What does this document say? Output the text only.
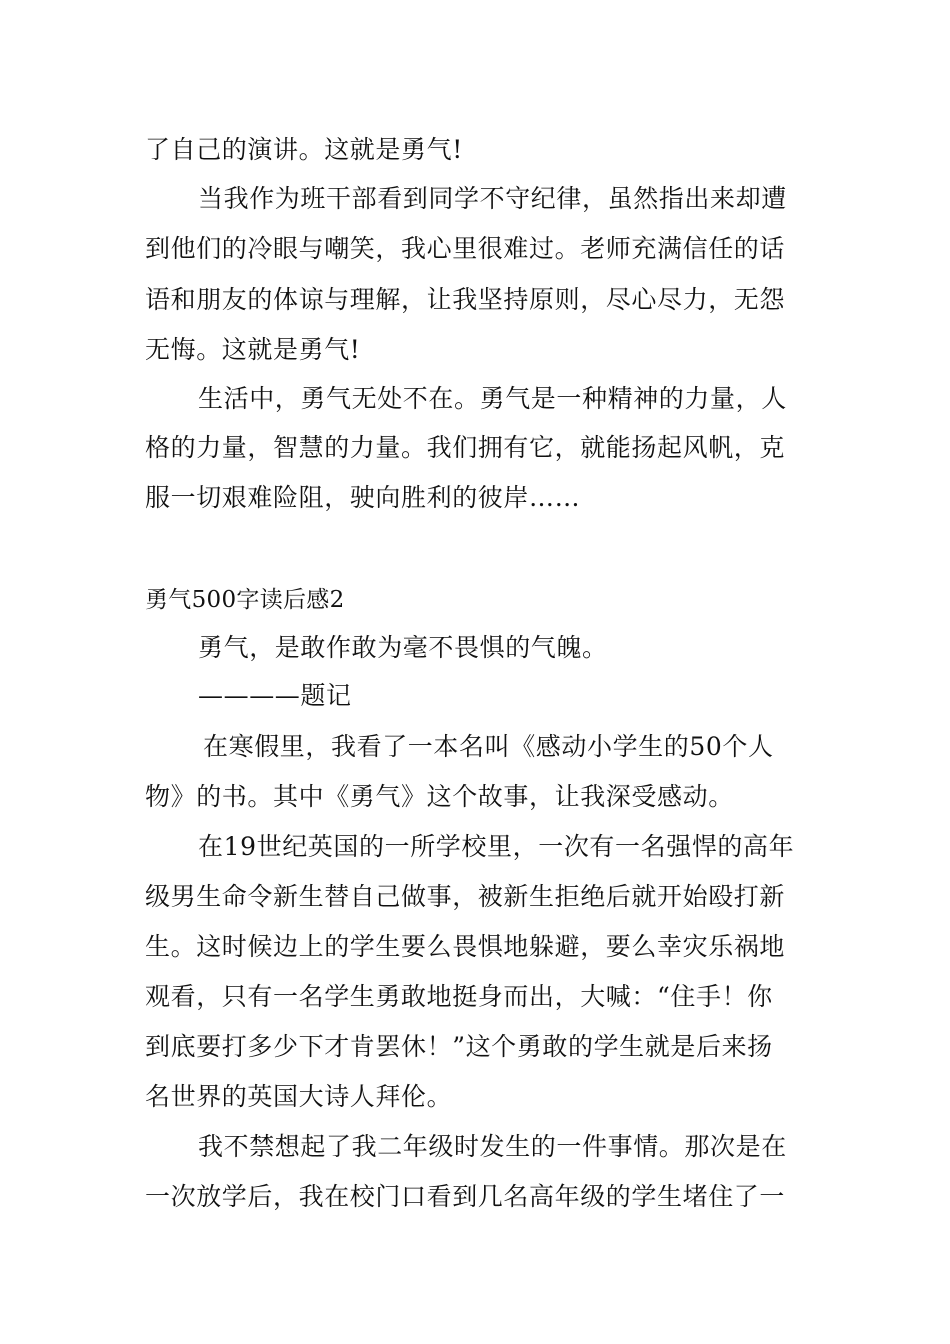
了自己的演讲。这就是勇气!
当我作为班干部看到同学不守纪律，虽然指出来却遭
到他们的冷眼与嘲笑，我心里很难过。老师充满信任的话
语和朋友的体谅与理解，让我坚持原则，尽心尽力，无怨
无悔。这就是勇气!
生活中，勇气无处不在。勇气是一种精神的力量，人
格的力量，智慧的力量。我们拥有它，就能扬起风帆，克
服一切艰难险阻，驶向胜利的彼岸……
勇气500字读后感2
勇气，是敢作敢为毫不畏惧的气魄。
————题记
在寒假里，我看了一本名叫《感动小学生的50个人
物》的书。其中《勇气》这个故事，让我深受感动。
在19世纪英国的一所学校里，一次有一名强悍的高年
级男生命令新生替自己做事，被新生拒绝后就开始殴打新
生。这时候边上的学生要么畏惧地躲避，要么幸灾乐祸地
观看，只有一名学生勇敢地挺身而出，大喊：“住手！你
到底要打多少下才肯罢休！”这个勇敢的学生就是后来扬
名世界的英国大诗人拜伦。
我不禁想起了我二年级时发生的一件事情。那次是在
一次放学后，我在校门口看到几名高年级的学生堵住了一
